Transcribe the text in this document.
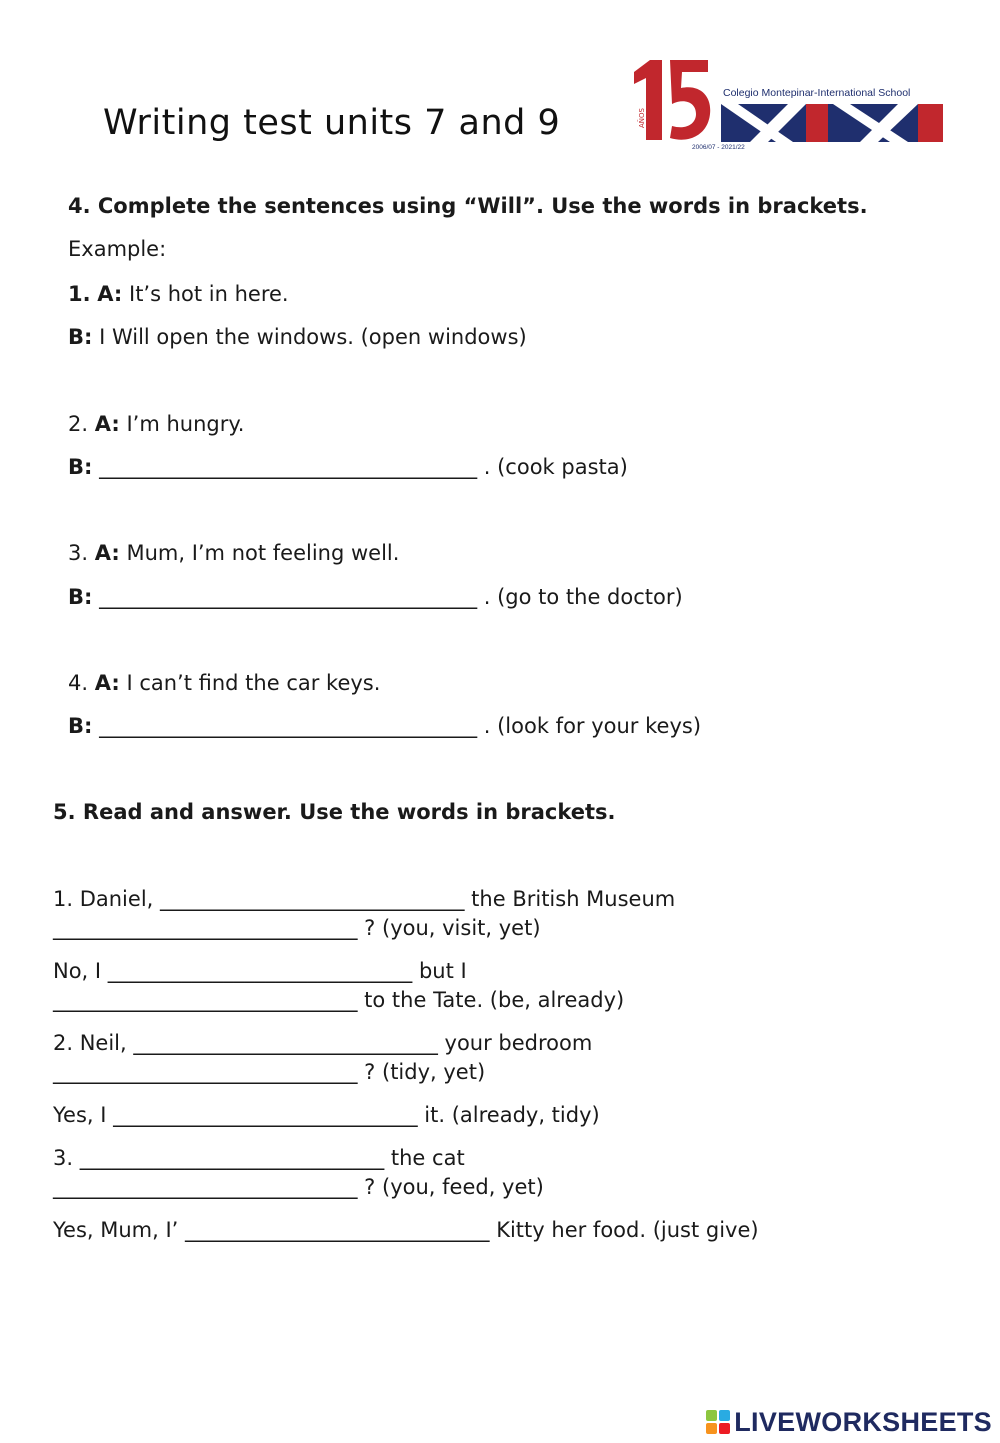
Writing test units 7 and 9	AÑOS
Colegio Montepinar-International School
2006/07 - 2021/22
4. Complete the sentences using “Will”. Use the words in brackets.
Example:
1. A: It’s hot in here.
B: I Will open the windows. (open windows)
2. A: I’m hungry.
B: ____________________________________ . (cook pasta)
3. A: Mum, I’m not feeling well.
B: ____________________________________ . (go to the doctor)
4. A: I can’t find the car keys.
B: ____________________________________ . (look for your keys)
5. Read and answer. Use the words in brackets.
1. Daniel, _____________________________ the British Museum
_____________________________ ? (you, visit, yet)
No, I _____________________________ but I
_____________________________ to the Tate. (be, already)
2. Neil, _____________________________ your bedroom
_____________________________ ? (tidy, yet)
Yes, I _____________________________ it. (already, tidy)
3. _____________________________ the cat
_____________________________ ? (you, feed, yet)
Yes, Mum, I’ _____________________________ Kitty her food. (just give)
LIVEWORKSHEETS
